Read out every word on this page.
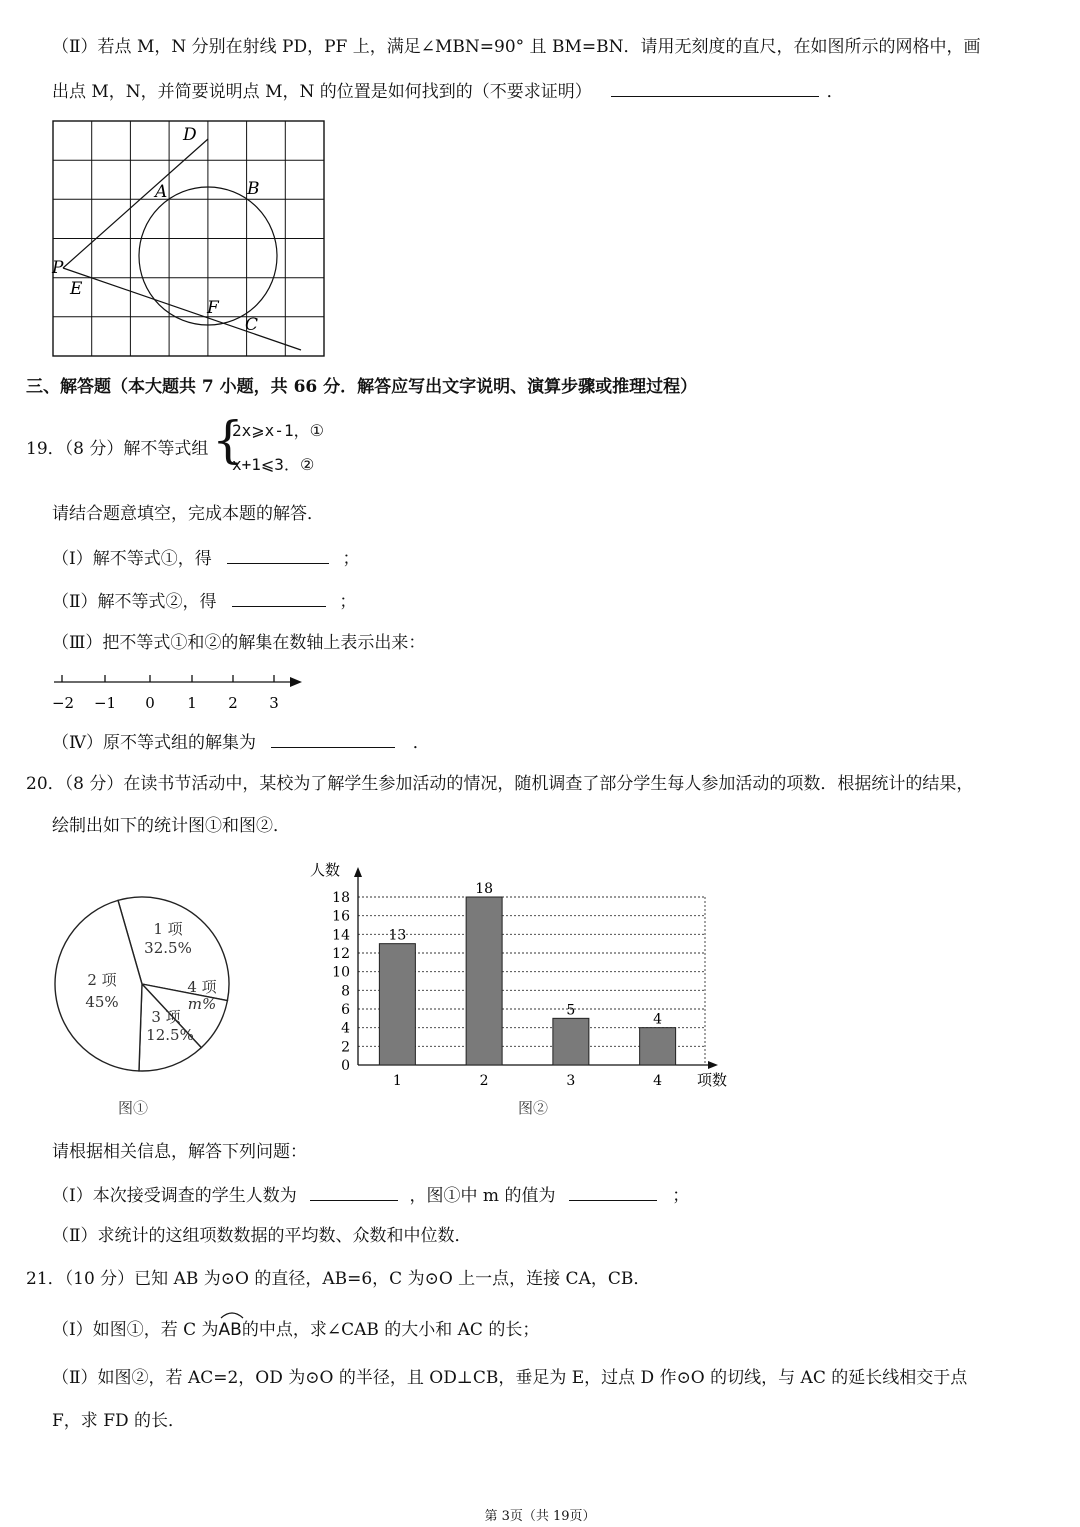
（Ⅱ）若点 M，N 分别在射线 PD，PF 上，满足∠MBN=90° 且 BM=BN．请用无刻度的直尺，在如图所示的网格中，画
出点 M，N，并简要说明点 M，N 的位置是如何找到的（不要求证明）	．
D
A	B
P
E
F
C
三、解答题（本大题共 7 小题，共 66 分．解答应写出文字说明、演算步骤或推理过程）
19．（8 分）解不等式组 {
2x⩾x-1，①
x+1⩽3．②
请结合题意填空，完成本题的解答．
（Ⅰ）解不等式①，得	；
（Ⅱ）解不等式②，得	；
（Ⅲ）把不等式①和②的解集在数轴上表示出来：
−2 −1 0 1 2 3
（Ⅳ）原不等式组的解集为	．
20．（8 分）在读书节活动中，某校为了解学生参加活动的情况，随机调查了部分学生每人参加活动的项数．根据统计的结果，
绘制出如下的统计图①和图②．
1 项
32.5%
2 项
45%
3 项
12.5%
4 项
m%
图①
0
2
4
6
8
10
12
14
16
18
13
18
5
4
1	2	3	4
人数
项数
图②
请根据相关信息，解答下列问题：
（Ⅰ）本次接受调查的学生人数为	，图①中 m 的值为	；
（Ⅱ）求统计的这组项数数据的平均数、众数和中位数．
21．（10 分）已知 AB 为⊙O 的直径，AB=6，C 为⊙O 上一点，连接 CA，CB．
（Ⅰ）如图①，若 C 为
AB的中点，求∠CAB 的大小和 AC 的长；
（Ⅱ）如图②，若 AC=2，OD 为⊙O 的半径，且 OD⊥CB，垂足为 E，过点 D 作⊙O 的切线，与 AC 的延长线相交于点
F，求 FD 的长．
第 3页（共 19页）
